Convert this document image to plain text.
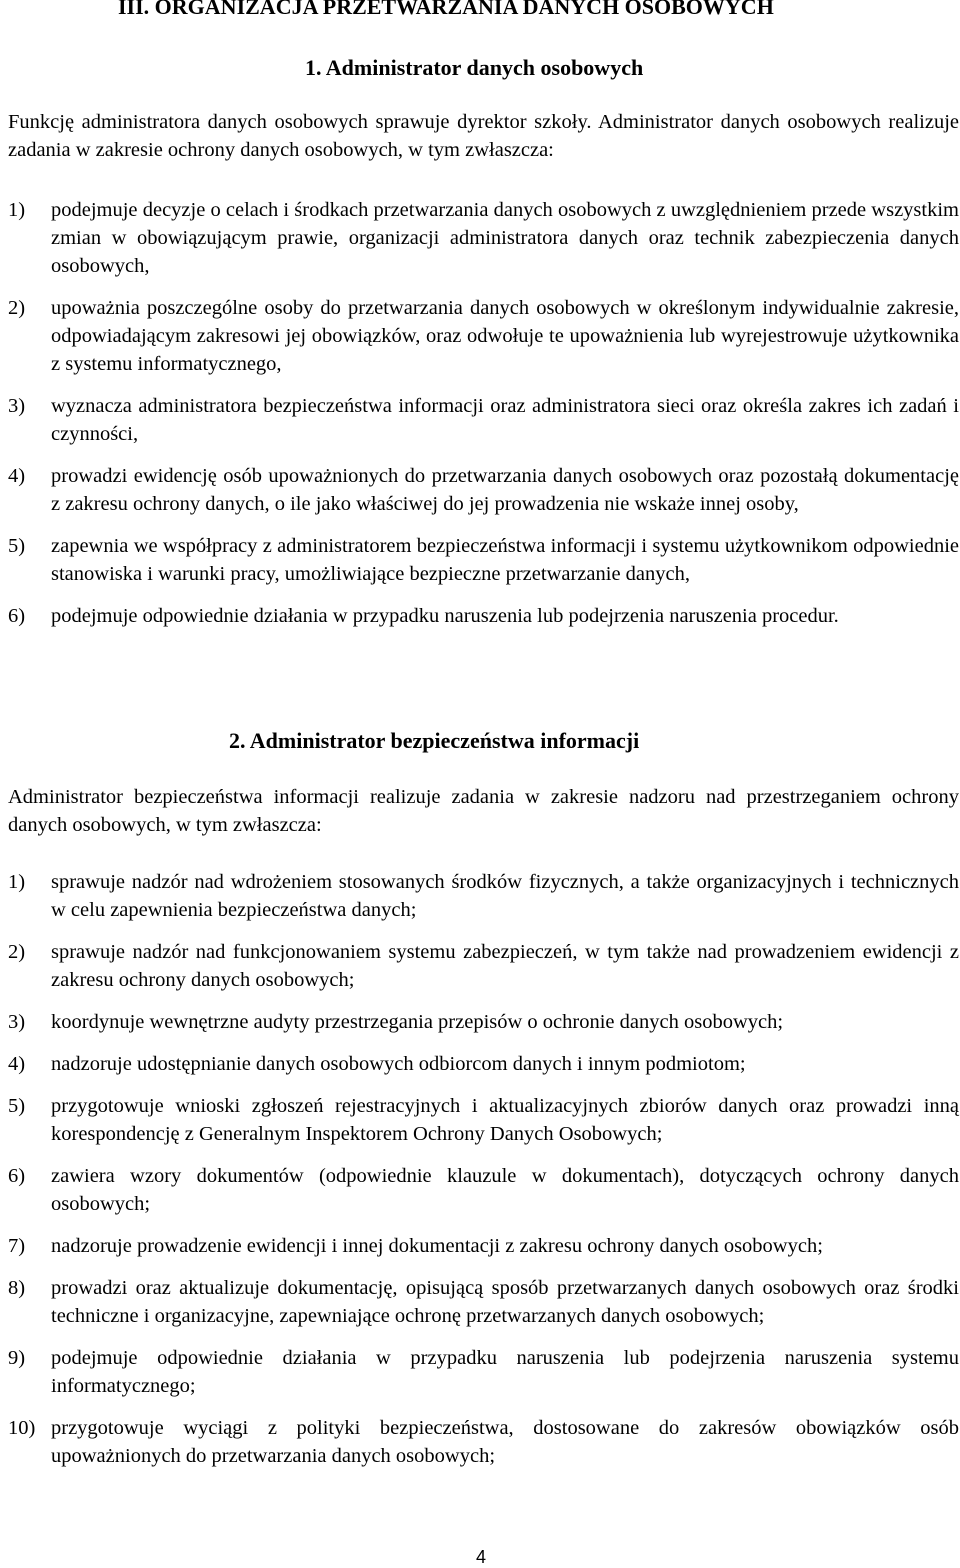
III. ORGANIZACJA PRZETWARZANIA DANYCH OSOBOWYCH
1. Administrator danych osobowych
Funkcję administratora danych osobowych sprawuje dyrektor szkoły. Administrator danych osobowych realizuje zadania w zakresie ochrony danych osobowych, w tym zwłaszcza:
1) podejmuje decyzje o celach i środkach przetwarzania danych osobowych z uwzględnieniem przede wszystkim zmian w obowiązującym prawie, organizacji administratora danych oraz technik zabezpieczenia danych osobowych,
2) upoważnia poszczególne osoby do przetwarzania danych osobowych w określonym indywidualnie zakresie, odpowiadającym zakresowi jej obowiązków, oraz odwołuje te upoważnienia lub wyrejestrowuje użytkownika z systemu informatycznego,
3) wyznacza administratora bezpieczeństwa informacji oraz administratora sieci oraz określa zakres ich zadań i czynności,
4) prowadzi ewidencję osób upoważnionych do przetwarzania danych osobowych oraz pozostałą dokumentację z zakresu ochrony danych, o ile jako właściwej do jej prowadzenia nie wskaże innej osoby,
5) zapewnia we współpracy z administratorem bezpieczeństwa informacji i systemu użytkownikom odpowiednie stanowiska i warunki pracy, umożliwiające bezpieczne przetwarzanie danych,
6) podejmuje odpowiednie działania w przypadku naruszenia lub podejrzenia naruszenia procedur.
2. Administrator bezpieczeństwa informacji
Administrator bezpieczeństwa informacji realizuje zadania w zakresie nadzoru nad przestrzeganiem ochrony danych osobowych, w tym zwłaszcza:
1) sprawuje nadzór nad wdrożeniem stosowanych środków fizycznych, a także organizacyjnych i technicznych w celu zapewnienia bezpieczeństwa danych;
2) sprawuje nadzór nad funkcjonowaniem systemu zabezpieczeń, w tym także nad prowadzeniem ewidencji z zakresu ochrony danych osobowych;
3) koordynuje wewnętrzne audyty przestrzegania przepisów o ochronie danych osobowych;
4) nadzoruje udostępnianie danych osobowych odbiorcom danych i innym podmiotom;
5) przygotowuje wnioski zgłoszeń rejestracyjnych i aktualizacyjnych zbiorów danych oraz prowadzi inną korespondencję z Generalnym Inspektorem Ochrony Danych Osobowych;
6) zawiera wzory dokumentów (odpowiednie klauzule w dokumentach), dotyczących ochrony danych osobowych;
7) nadzoruje prowadzenie ewidencji i innej dokumentacji z zakresu ochrony danych osobowych;
8) prowadzi oraz aktualizuje dokumentację, opisującą sposób przetwarzanych danych osobowych oraz środki techniczne i organizacyjne, zapewniające ochronę przetwarzanych danych osobowych;
9) podejmuje odpowiednie działania w przypadku naruszenia lub podejrzenia naruszenia systemu informatycznego;
10) przygotowuje wyciągi z polityki bezpieczeństwa, dostosowane do zakresów obowiązków osób upoważnionych do przetwarzania danych osobowych;
4
